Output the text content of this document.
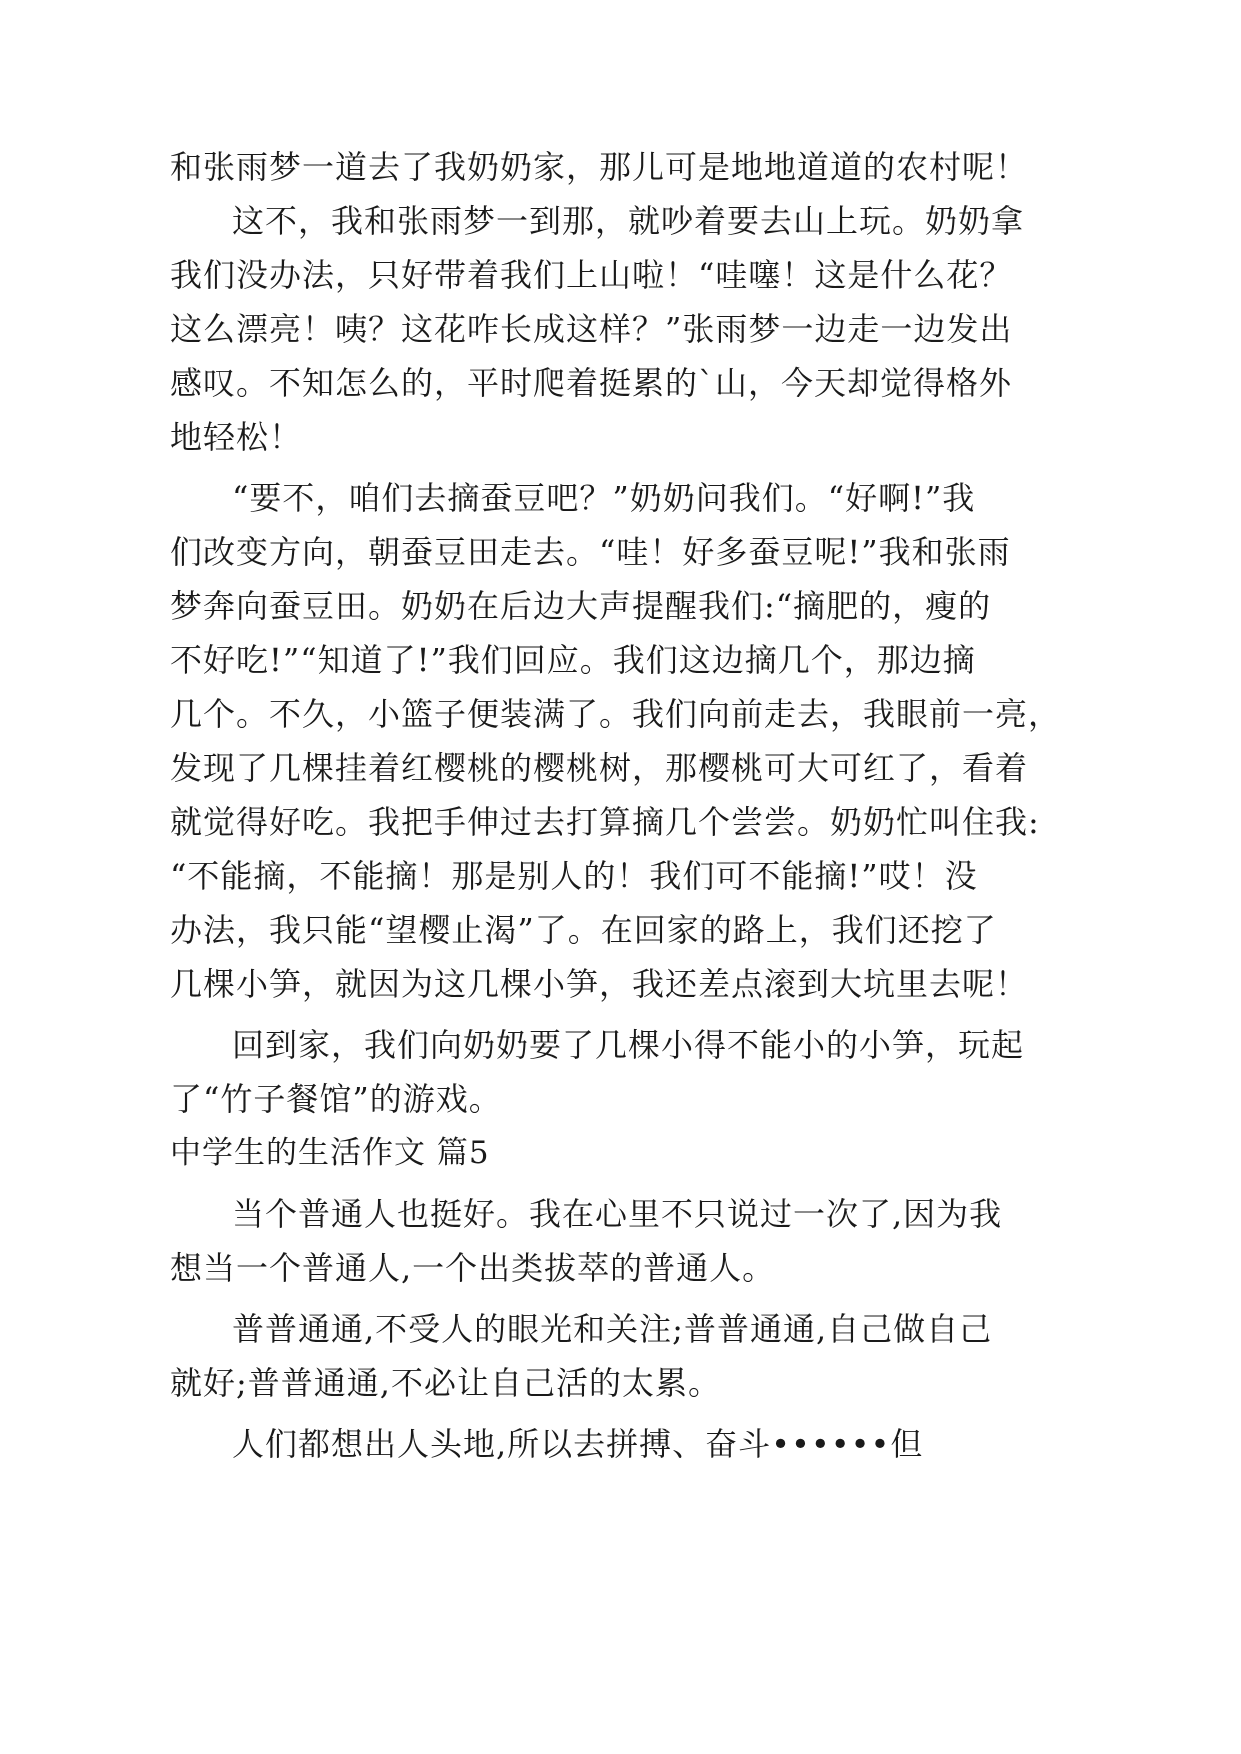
和张雨梦一道去了我奶奶家，那儿可是地地道道的农村呢！
这不，我和张雨梦一到那，就吵着要去山上玩。奶奶拿
我们没办法，只好带着我们上山啦！“哇噻！这是什么花？
这么漂亮！咦？这花咋长成这样？”张雨梦一边走一边发出
感叹。不知怎么的，平时爬着挺累的`山，今天却觉得格外
地轻松！
“要不，咱们去摘蚕豆吧？”奶奶问我们。“好啊!”我
们改变方向，朝蚕豆田走去。“哇！好多蚕豆呢!”我和张雨
梦奔向蚕豆田。奶奶在后边大声提醒我们:“摘肥的，瘦的
不好吃!”“知道了!”我们回应。我们这边摘几个，那边摘
几个。不久，小篮子便装满了。我们向前走去，我眼前一亮，
发现了几棵挂着红樱桃的樱桃树，那樱桃可大可红了，看着
就觉得好吃。我把手伸过去打算摘几个尝尝。奶奶忙叫住我:
“不能摘，不能摘！那是别人的！我们可不能摘!”哎！没
办法，我只能“望樱止渴”了。在回家的路上，我们还挖了
几棵小笋，就因为这几棵小笋，我还差点滚到大坑里去呢！
回到家，我们向奶奶要了几棵小得不能小的小笋，玩起
了“竹子餐馆”的游戏。
中学生的生活作文 篇5
当个普通人也挺好。我在心里不只说过一次了,因为我
想当一个普通人,一个出类拔萃的普通人。
普普通通,不受人的眼光和关注;普普通通,自己做自己
就好;普普通通,不必让自己活的太累。
人们都想出人头地,所以去拼搏、奋斗••••••但
